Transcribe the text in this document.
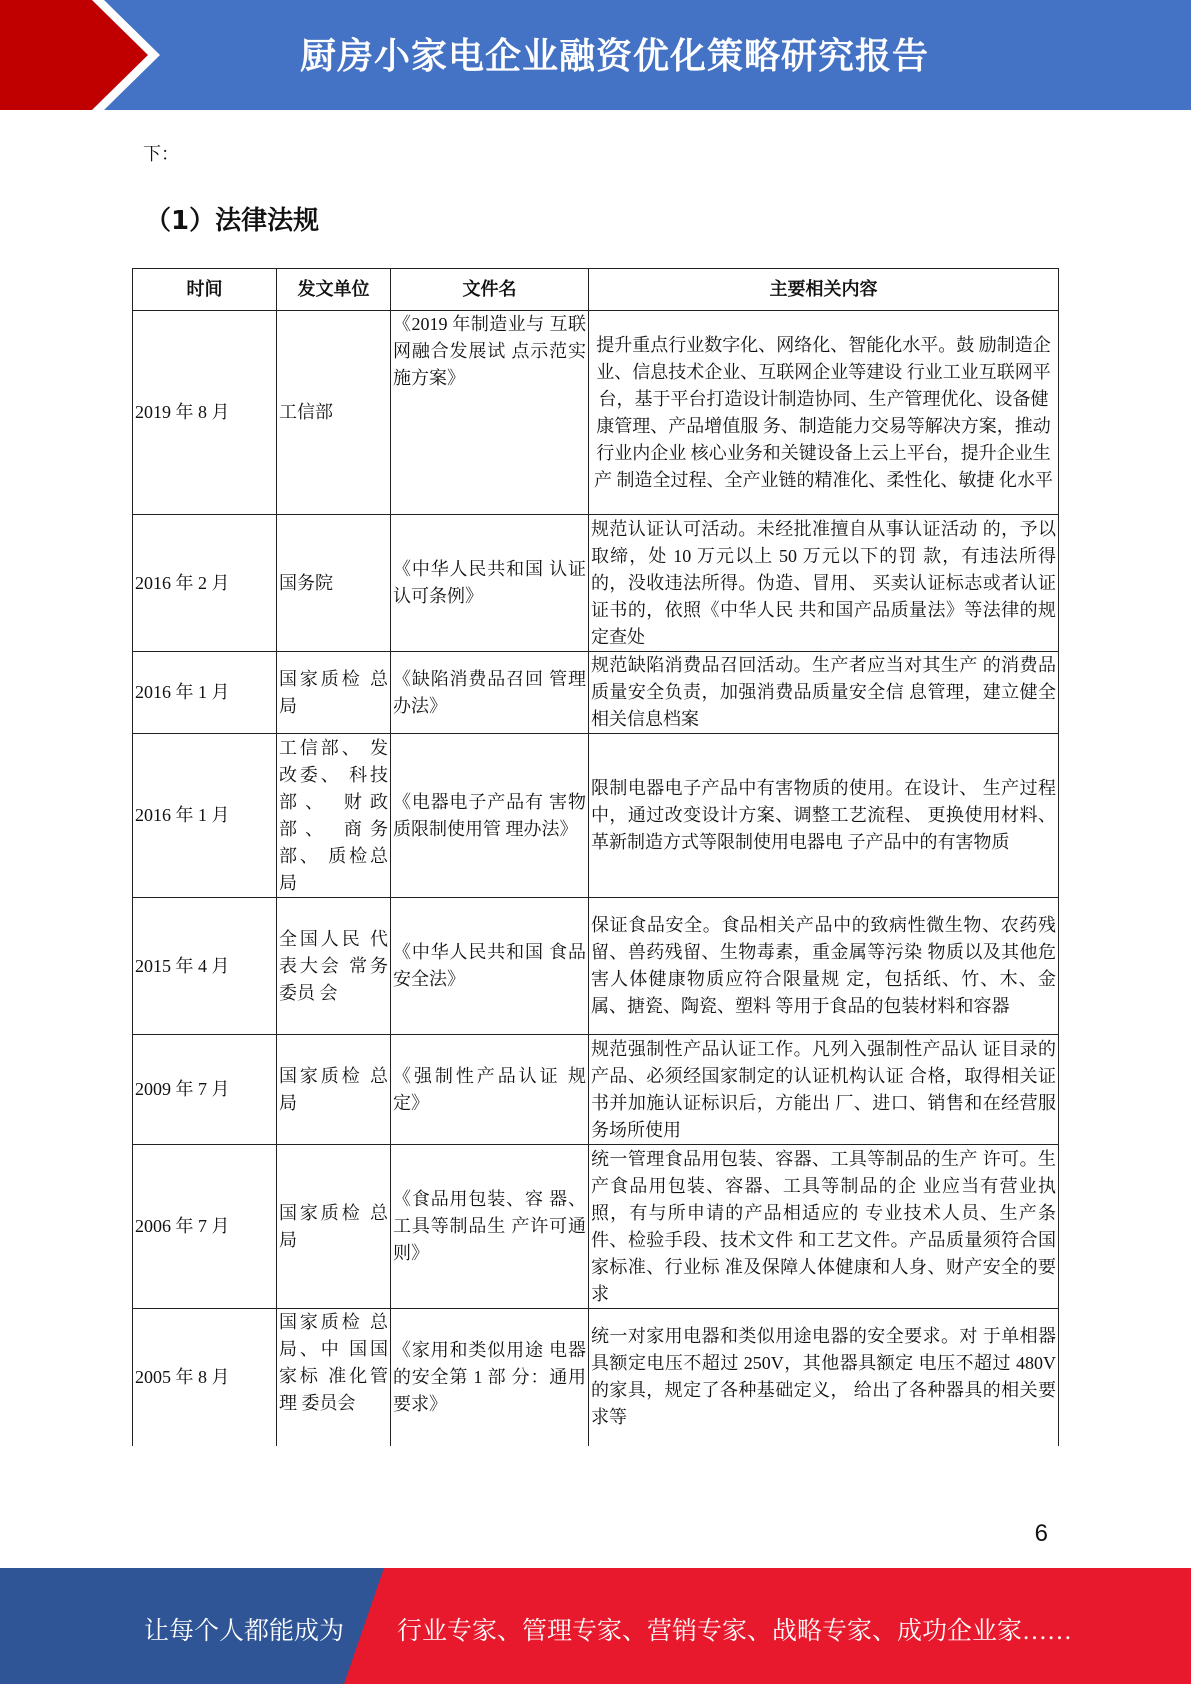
厨房小家电企业融资优化策略研究报告
下：
（1）法律法规
时间	发文单位	文件名	主要相关内容
2019 年 8 月	工信部	《2019 年制造业与 互联网融合发展试 点示范实施方案》	提升重点行业数字化、网络化、智能化水平。鼓 励制造企业、信息技术企业、互联网企业等建设 行业工业互联网平台，基于平台打造设计制造协同、生产管理优化、设备健康管理、产品增值服 务、制造能力交易等解决方案，推动行业内企业 核心业务和关键设备上云上平台，提升企业生产 制造全过程、全产业链的精准化、柔性化、敏捷 化水平
2016 年 2 月	国务院	《中华人民共和国 认证认可条例》	规范认证认可活动。未经批准擅自从事认证活动 的，予以取缔，处 10 万元以上 50 万元以下的罚 款，有违法所得的，没收违法所得。伪造、冒用、 买卖认证标志或者认证证书的，依照《中华人民 共和国产品质量法》等法律的规定查处
2016 年 1 月	国家质检 总局	《缺陷消费品召回 管理办法》	规范缺陷消费品召回活动。生产者应当对其生产 的消费品质量安全负责，加强消费品质量安全信 息管理，建立健全相关信息档案
2016 年 1 月	工信部、 发改委、 科技部、 财政部、 商务部、 质检总局	《电器电子产品有 害物质限制使用管 理办法》	限制电器电子产品中有害物质的使用。在设计、 生产过程中，通过改变设计方案、调整工艺流程、 更换使用材料、革新制造方式等限制使用电器电 子产品中的有害物质
2015 年 4 月	全国人民 代表大会 常务委员 会	《中华人民共和国 食品安全法》	保证食品安全。食品相关产品中的致病性微生物、农药残留、兽药残留、生物毒素，重金属等污染 物质以及其他危害人体健康物质应符合限量规 定，包括纸、竹、木、金属、搪瓷、陶瓷、塑料 等用于食品的包装材料和容器
2009 年 7 月	国家质检 总局	《强制性产品认证 规定》	规范强制性产品认证工作。凡列入强制性产品认 证目录的产品、必须经国家制定的认证机构认证 合格，取得相关证书并加施认证标识后，方能出 厂、进口、销售和在经营服务场所使用
2006 年 7 月	国家质检 总局	《食品用包装、容 器、工具等制品生 产许可通则》	统一管理食品用包装、容器、工具等制品的生产 许可。生产食品用包装、容器、工具等制品的企 业应当有营业执照，有与所申请的产品相适应的 专业技术人员、生产条件、检验手段、技术文件 和工艺文件。产品质量须符合国家标准、行业标 准及保障人体健康和人身、财产安全的要求
2005 年 8 月	国家质检 总局、中 国国家标 准化管理 委员会	《家用和类似用途 电器的安全第 1 部 分：通用要求》	统一对家用电器和类似用途电器的安全要求。对 于单相器具额定电压不超过 250V，其他器具额定 电压不超过 480V 的家具，规定了各种基础定义， 给出了各种器具的相关要求等
6
让每个人都能成为 行业专家、管理专家、营销专家、战略专家、成功企业家……
